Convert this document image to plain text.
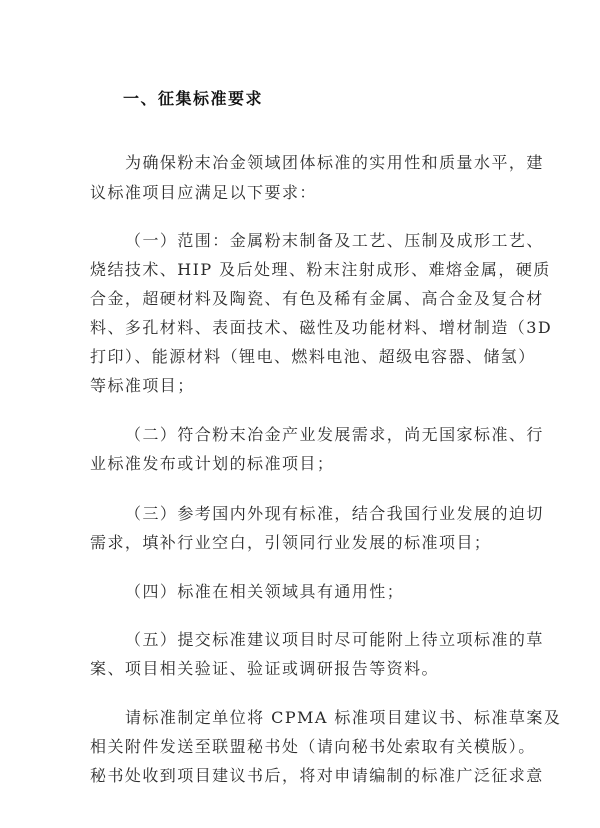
一、征集标准要求
为确保粉末冶金领域团体标准的实用性和质量水平，建
议标准项目应满足以下要求：
（一）范围：金属粉末制备及工艺、压制及成形工艺、
烧结技术、HIP 及后处理、粉末注射成形、难熔金属，硬质
合金，超硬材料及陶瓷、有色及稀有金属、高合金及复合材
料、多孔材料、表面技术、磁性及功能材料、增材制造（3D
打印）、能源材料（锂电、燃料电池、超级电容器、储氢）
等标准项目；
（二）符合粉末冶金产业发展需求，尚无国家标准、行
业标准发布或计划的标准项目；
（三）参考国内外现有标准，结合我国行业发展的迫切
需求，填补行业空白，引领同行业发展的标准项目；
（四）标准在相关领域具有通用性；
（五）提交标准建议项目时尽可能附上待立项标准的草
案、项目相关验证、验证或调研报告等资料。
请标准制定单位将 CPMA 标准项目建议书、标准草案及
相关附件发送至联盟秘书处（请向秘书处索取有关模版）。
秘书处收到项目建议书后，将对申请编制的标准广泛征求意
